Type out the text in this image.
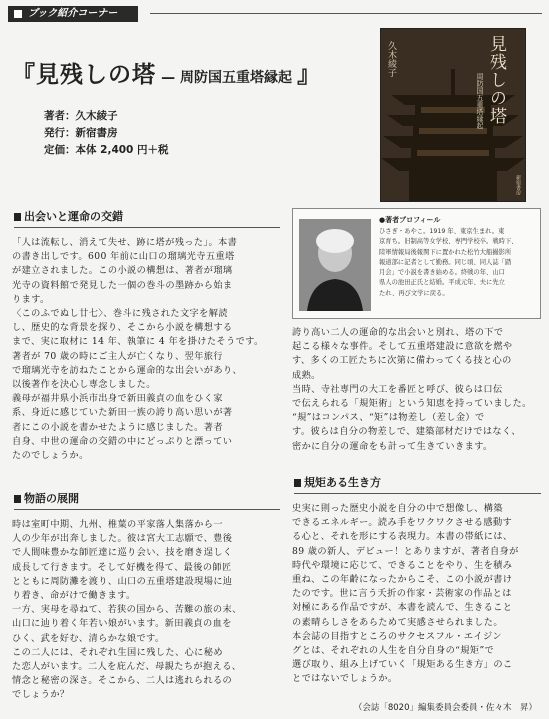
ブック紹介コーナー
『見残しの塔 — 周防国五重塔縁起 』
著者：久木綾子
発行：新宿書房
定価：本体 2,400 円＋税
見残しの塔
周防国五重塔縁起
久木綾子
新宿書房
出会いと運命の交錯

「人は流転し、消えて失せ、跡に塔が残った」。本書

の書き出しです。600 年前に山口の瑠璃光寺五重塔

が建立されました。この小説の構想は、著者が瑠璃

光寺の資料館で発見した一個の巻斗の墨跡から始ま

ります。

〈このふでぬし廿七〉、巻斗に残された文字を解読

し、歴史的な背景を探り、そこから小説を構想する

まで、実に取材に 14 年、執筆に 4 年を掛けたそうです。

著者が 70 歳の時にご主人が亡くなり、翌年旅行

で瑠璃光寺を訪ねたことから運命的な出会いがあり、

以後著作を決心し専念しました。

義母が福井県小浜市出身で新田義貞の血をひく家

系、身近に感じていた新田一族の誇り高い思いが著

者にこの小説を書かせたように感じました。著者

自身、中世の運命の交錯の中にどっぷりと漂ってい

たのでしょうか。

物語の展開

時は室町中期、九州、椎葉の平家落人集落から一

人の少年が出奔しました。彼は宮大工志願で、豊後

で人間味豊かな師匠達に巡り会い、技を磨き逞しく

成長して行きます。そして好機を得て、最後の師匠

とともに周防灘を渡り、山口の五重塔建設現場に辿

り着き、命がけで働きます。

一方、実母を尋ねて、若狭の国から、苦難の旅の末、

山口に辿り着く年若い娘がいます。新田義貞の血を

ひく、武を好む、清らかな娘です。

この二人には、それぞれ生国に残した、心に秘め

た恋人がいます。二人を庇んだ、母親たちが抱える、

情念と秘密の深さ。そこから、二人は逃れられるの

でしょうか？

●著者プロフィール
ひさぎ・あやこ。1919 年、東京生まれ。東
京育ち。旧制高等女学校、専門学校卒。戦時下、
陸軍情報局後報関下に置かれた松竹大船撮影所
報道部に記者として勤務。同じ頃、同人誌「踏
月会」で小説を書き始める。終戦の年、山口
県人の池田正氏と結婚。平成元年、夫に先立
たれ、再び文学に戻る。

誇り高い二人の運命的な出会いと別れ、塔の下で

起こる様々な事件。そして五重塔建設に意欲を燃や

す、多くの工匠たちに次第に備わってくる技と心の

成熟。

当時、寺社専門の大工を番匠と呼び、彼らは口伝

で伝えられる「規矩術」という知恵を持っていました。

“規”はコンパス、“矩”は物差し（差し金）で

す。彼らは自分の物差しで、建築部材だけではなく、

密かに自分の運命をも計って生きていきます。

規矩ある生き方

史実に則った歴史小説を自分の中で想像し、構築

できるエネルギー。読み手をワクワクさせる感動す

る心と、それを形にする表現力。本書の帯紙には、

89 歳の新人、デビュー！とありますが、著者自身が

時代や環境に応じて、できることをやり、生を積み

重ね、この年齢になったからこそ、この小説が書け

たのです。世に言う夭折の作家・芸術家の作品とは

対極にある作品ですが、本書を読んで、生きること

の素晴らしさをあらためて実感させられました。

本会誌の目指すところのサクセスフル・エイジン

グとは、それぞれの人生を自分自身の“規矩”で

選び取り、組み上げていく「規矩ある生き方」のこ

とではないでしょうか。

（会誌「8020」編集委員会委員・佐々木　昇）
